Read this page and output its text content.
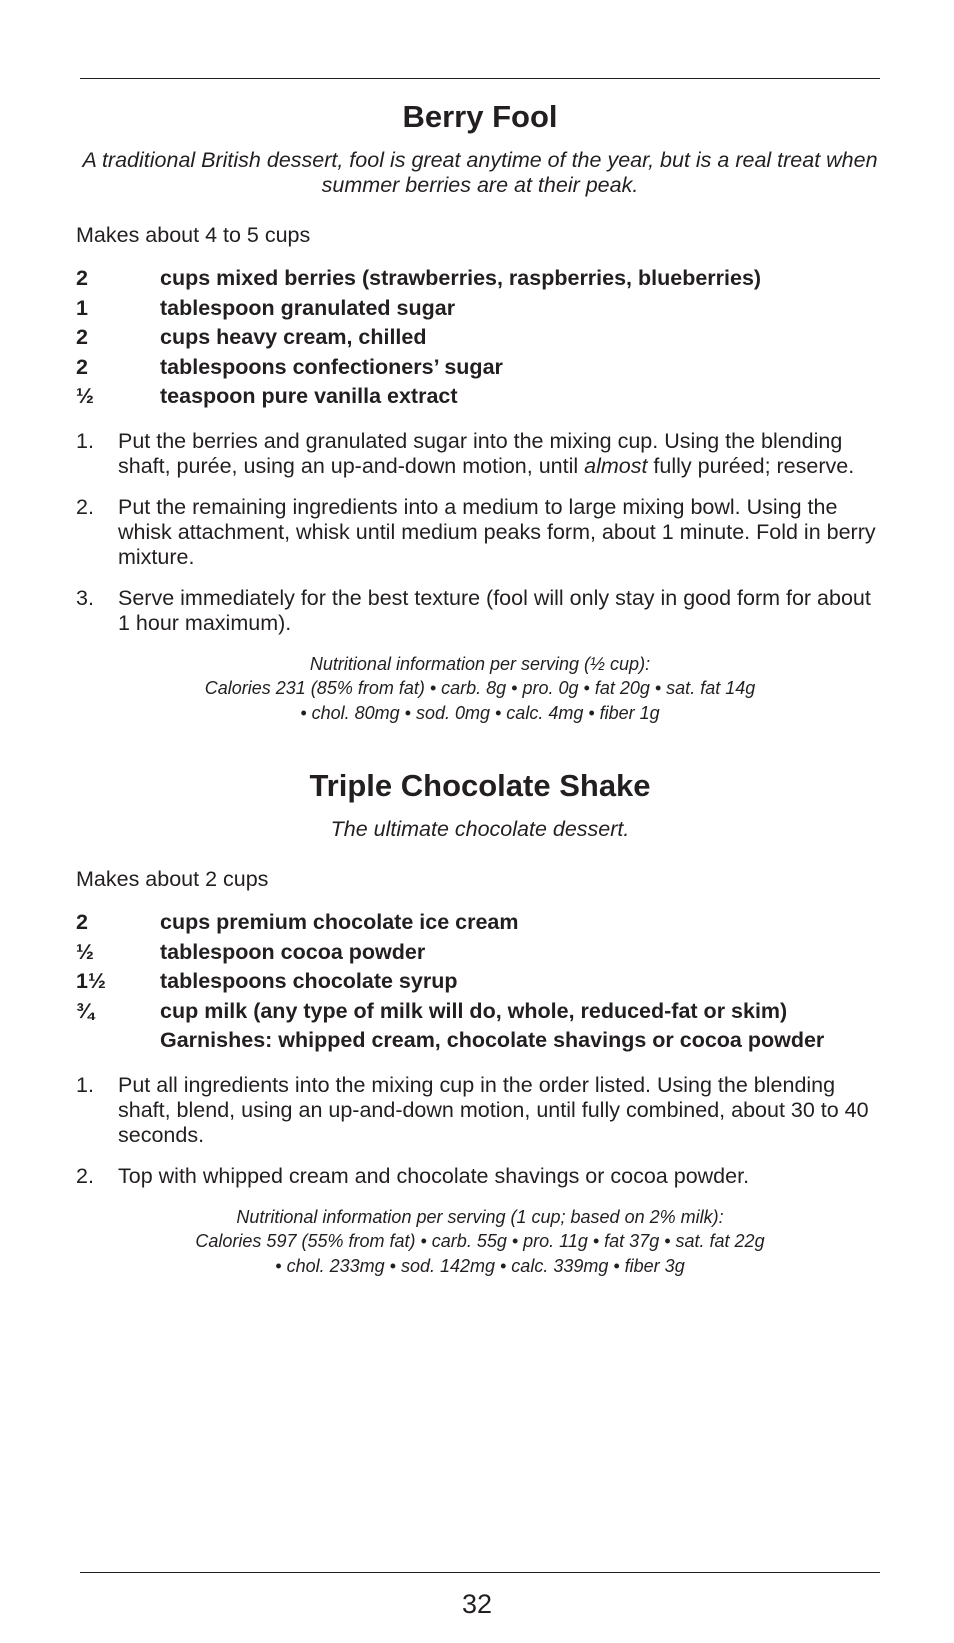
Berry Fool

A traditional British dessert, fool is great anytime of the year, but is a real treat when summer berries are at their peak.

Makes about 4 to 5 cups

2	cups mixed berries (strawberries, raspberries, blueberries)
1	tablespoon granulated sugar
2	cups heavy cream, chilled
2	tablespoons confectioners’ sugar
½	teaspoon pure vanilla extract
1.	Put the berries and granulated sugar into the mixing cup. Using the blending shaft, purée, using an up-and-down motion, until almost fully puréed; reserve.
2.	Put the remaining ingredients into a medium to large mixing bowl. Using the whisk attachment, whisk until medium peaks form, about 1 minute. Fold in berry mixture.
3.	Serve immediately for the best texture (fool will only stay in good form for about 1 hour maximum).
Nutritional information per serving (½ cup):
Calories 231 (85% from fat) • carb. 8g • pro. 0g • fat 20g • sat. fat 14g
• chol. 80mg • sod. 0mg • calc. 4mg • fiber 1g
Triple Chocolate Shake

The ultimate chocolate dessert.

Makes about 2 cups

2	cups premium chocolate ice cream
½	tablespoon cocoa powder
1½	tablespoons chocolate syrup
¾	cup milk (any type of milk will do, whole, reduced-fat or skim)
Garnishes: whipped cream, chocolate shavings or cocoa powder
1.	Put all ingredients into the mixing cup in the order listed. Using the blending shaft, blend, using an up-and-down motion, until fully combined, about 30 to 40 seconds.
2.	Top with whipped cream and chocolate shavings or cocoa powder.
Nutritional information per serving (1 cup; based on 2% milk):
Calories 597 (55% from fat) • carb. 55g • pro. 11g • fat 37g • sat. fat 22g
• chol. 233mg • sod. 142mg • calc. 339mg • fiber 3g
32
